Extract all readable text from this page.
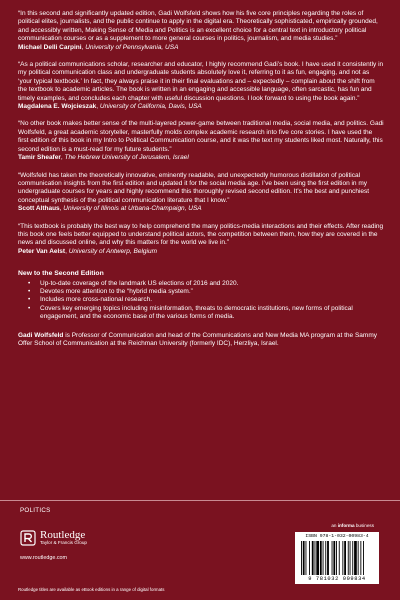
“In this second and significantly updated edition, Gadi Wolfsfeld shows how his five core principles regarding the roles of political elites, journalists, and the public continue to apply in the digital era. Theoretically sophisticated, empirically grounded, and accessibly written, Making Sense of Media and Politics is an excellent choice for a central text in introductory political communication courses or as a supplement to more general courses in politics, journalism, and media studies.”

Michael Delli Carpini, University of Pennsylvania, USA

“As a political communications scholar, researcher and educator, I highly recommend Gadi’s book. I have used it consistently in my political communication class and undergraduate students absolutely love it, referring to it as fun, engaging, and not as ‘your typical textbook.’ In fact, they always praise it in their final evaluations and – expectedly – complain about the shift from the textbook to academic articles. The book is written in an engaging and accessible language, often sarcastic, has fun and timely examples, and concludes each chapter with useful discussion questions. I look forward to using the book again.”

Magdalena E. Wojcieszak, University of California, Davis, USA

“No other book makes better sense of the multi-layered power-game between traditional media, social media, and politics. Gadi Wolfsfeld, a great academic storyteller, masterfully molds complex academic research into five core stories. I have used the first edition of this book in my Intro to Political Communication course, and it was the text my students liked most. Naturally, this second edition is a must-read for my future students.”

Tamir Sheafer, The Hebrew University of Jerusalem, Israel

“Wolfsfeld has taken the theoretically innovative, eminently readable, and unexpectedly humorous distillation of political communication insights from the first edition and updated it for the social media age. I’ve been using the first edition in my undergraduate courses for years and highly recommend this thoroughly revised second edition. It’s the best and punchiest conceptual synthesis of the political communication literature that I know.”

Scott Althaus, University of Illinois at Urbana-Champaign, USA

“This textbook is probably the best way to help comprehend the many politics-media interactions and their effects. After reading this book one feels better equipped to understand political actors, the competition between them, how they are covered in the news and discussed online, and why this matters for the world we live in.”

Peter Van Aelst, University of Antwerp, Belgium

New to the Second Edition
• Up-to-date coverage of the landmark US elections of 2016 and 2020.
• Devotes more attention to the “hybrid media system.”
• Includes more cross-national research.
• Covers key emerging topics including misinformation, threats to democratic institutions, new forms of political engagement, and the economic base of the various forms of media.

Gadi Wolfsfeld is Professor of Communication and head of the Communications and New Media MA program at the Sammy Offer School of Communication at the Reichman University (formerly IDC), Herzliya, Israel.

POLITICS
Routledge
Taylor & Francis Group
www.routledge.com
Routledge titles are available as eBook editions in a range of digital formats
an informa business
ISBN 978-1-032-00983-4
9 781032 009834
